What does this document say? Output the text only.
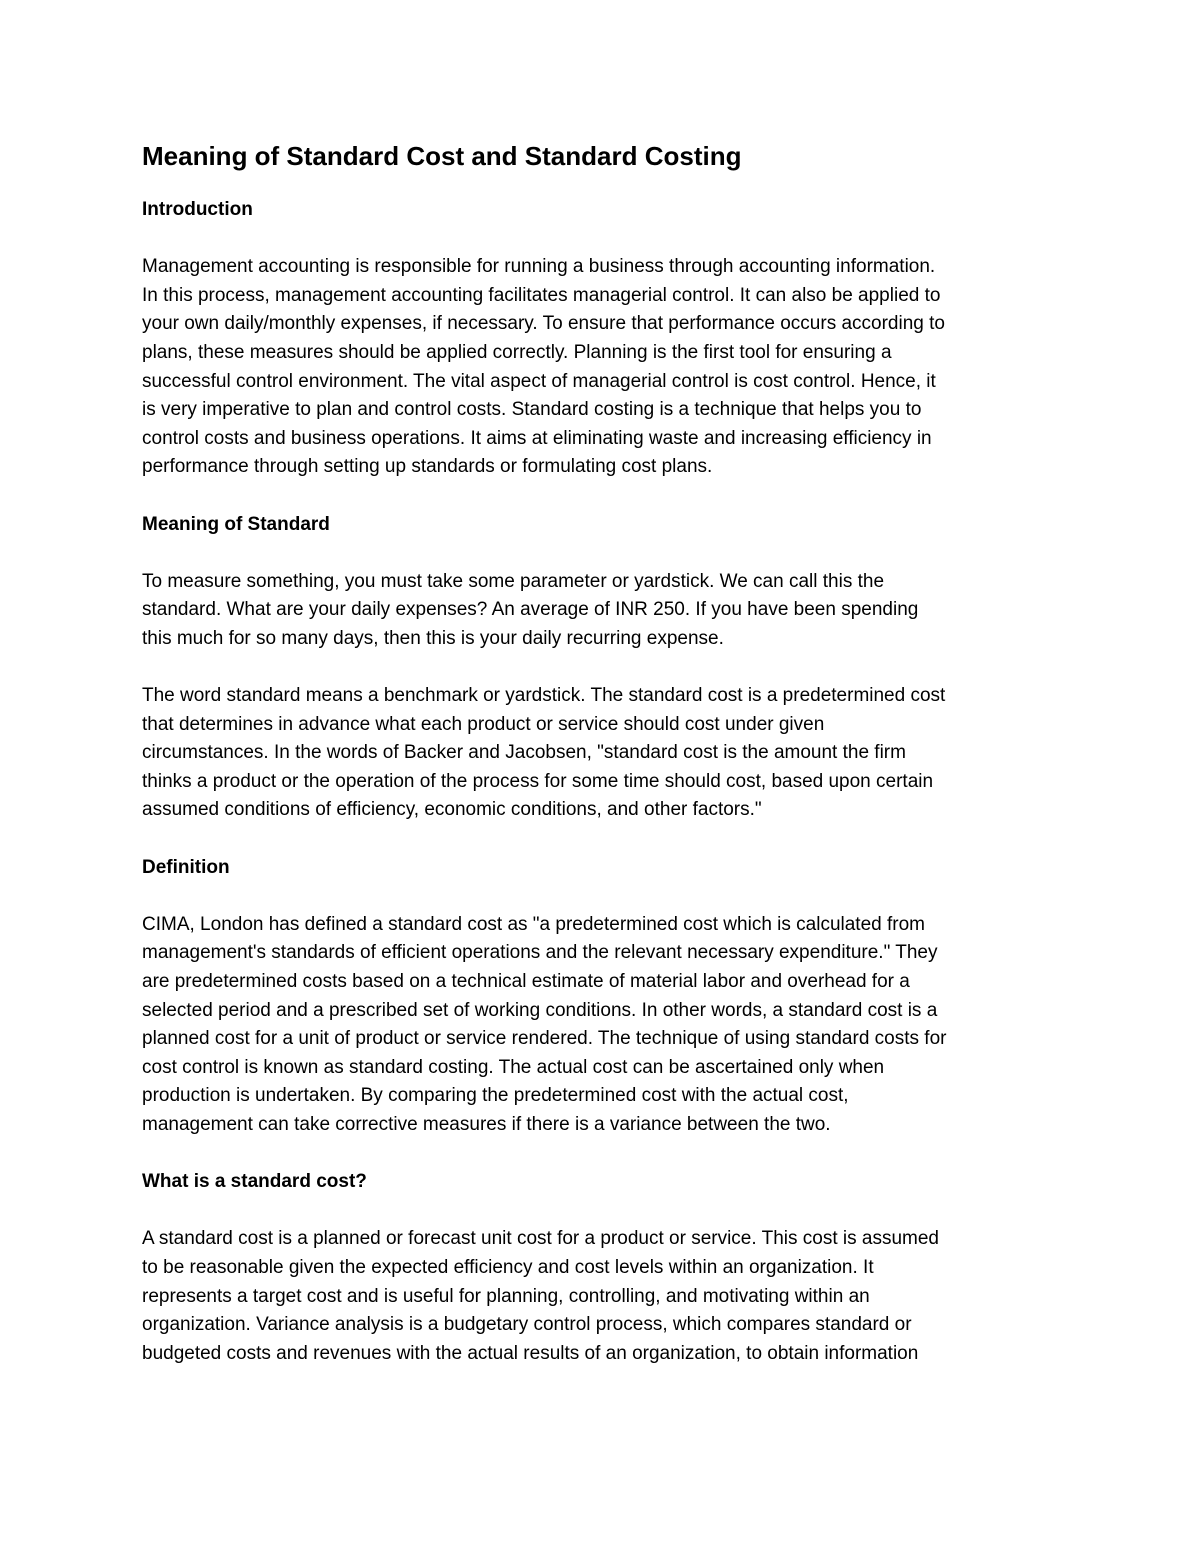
Meaning of Standard Cost and Standard Costing
Introduction
Management accounting is responsible for running a business through accounting information.
In this process, management accounting facilitates managerial control. It can also be applied to
your own daily/monthly expenses, if necessary. To ensure that performance occurs according to
plans, these measures should be applied correctly. Planning is the first tool for ensuring a
successful control environment. The vital aspect of managerial control is cost control. Hence, it
is very imperative to plan and control costs. Standard costing is a technique that helps you to
control costs and business operations. It aims at eliminating waste and increasing efficiency in
performance through setting up standards or formulating cost plans.
Meaning of Standard
To measure something, you must take some parameter or yardstick. We can call this the
standard. What are your daily expenses? An average of INR 250. If you have been spending
this much for so many days, then this is your daily recurring expense.
The word standard means a benchmark or yardstick. The standard cost is a predetermined cost
that determines in advance what each product or service should cost under given
circumstances. In the words of Backer and Jacobsen, "standard cost is the amount the firm
thinks a product or the operation of the process for some time should cost, based upon certain
assumed conditions of efficiency, economic conditions, and other factors."
Definition
CIMA, London has defined a standard cost as "a predetermined cost which is calculated from
management's standards of efficient operations and the relevant necessary expenditure." They
are predetermined costs based on a technical estimate of material labor and overhead for a
selected period and a prescribed set of working conditions. In other words, a standard cost is a
planned cost for a unit of product or service rendered. The technique of using standard costs for
cost control is known as standard costing. The actual cost can be ascertained only when
production is undertaken. By comparing the predetermined cost with the actual cost,
management can take corrective measures if there is a variance between the two.
What is a standard cost?
A standard cost is a planned or forecast unit cost for a product or service. This cost is assumed
to be reasonable given the expected efficiency and cost levels within an organization. It
represents a target cost and is useful for planning, controlling, and motivating within an
organization. Variance analysis is a budgetary control process, which compares standard or
budgeted costs and revenues with the actual results of an organization, to obtain information
